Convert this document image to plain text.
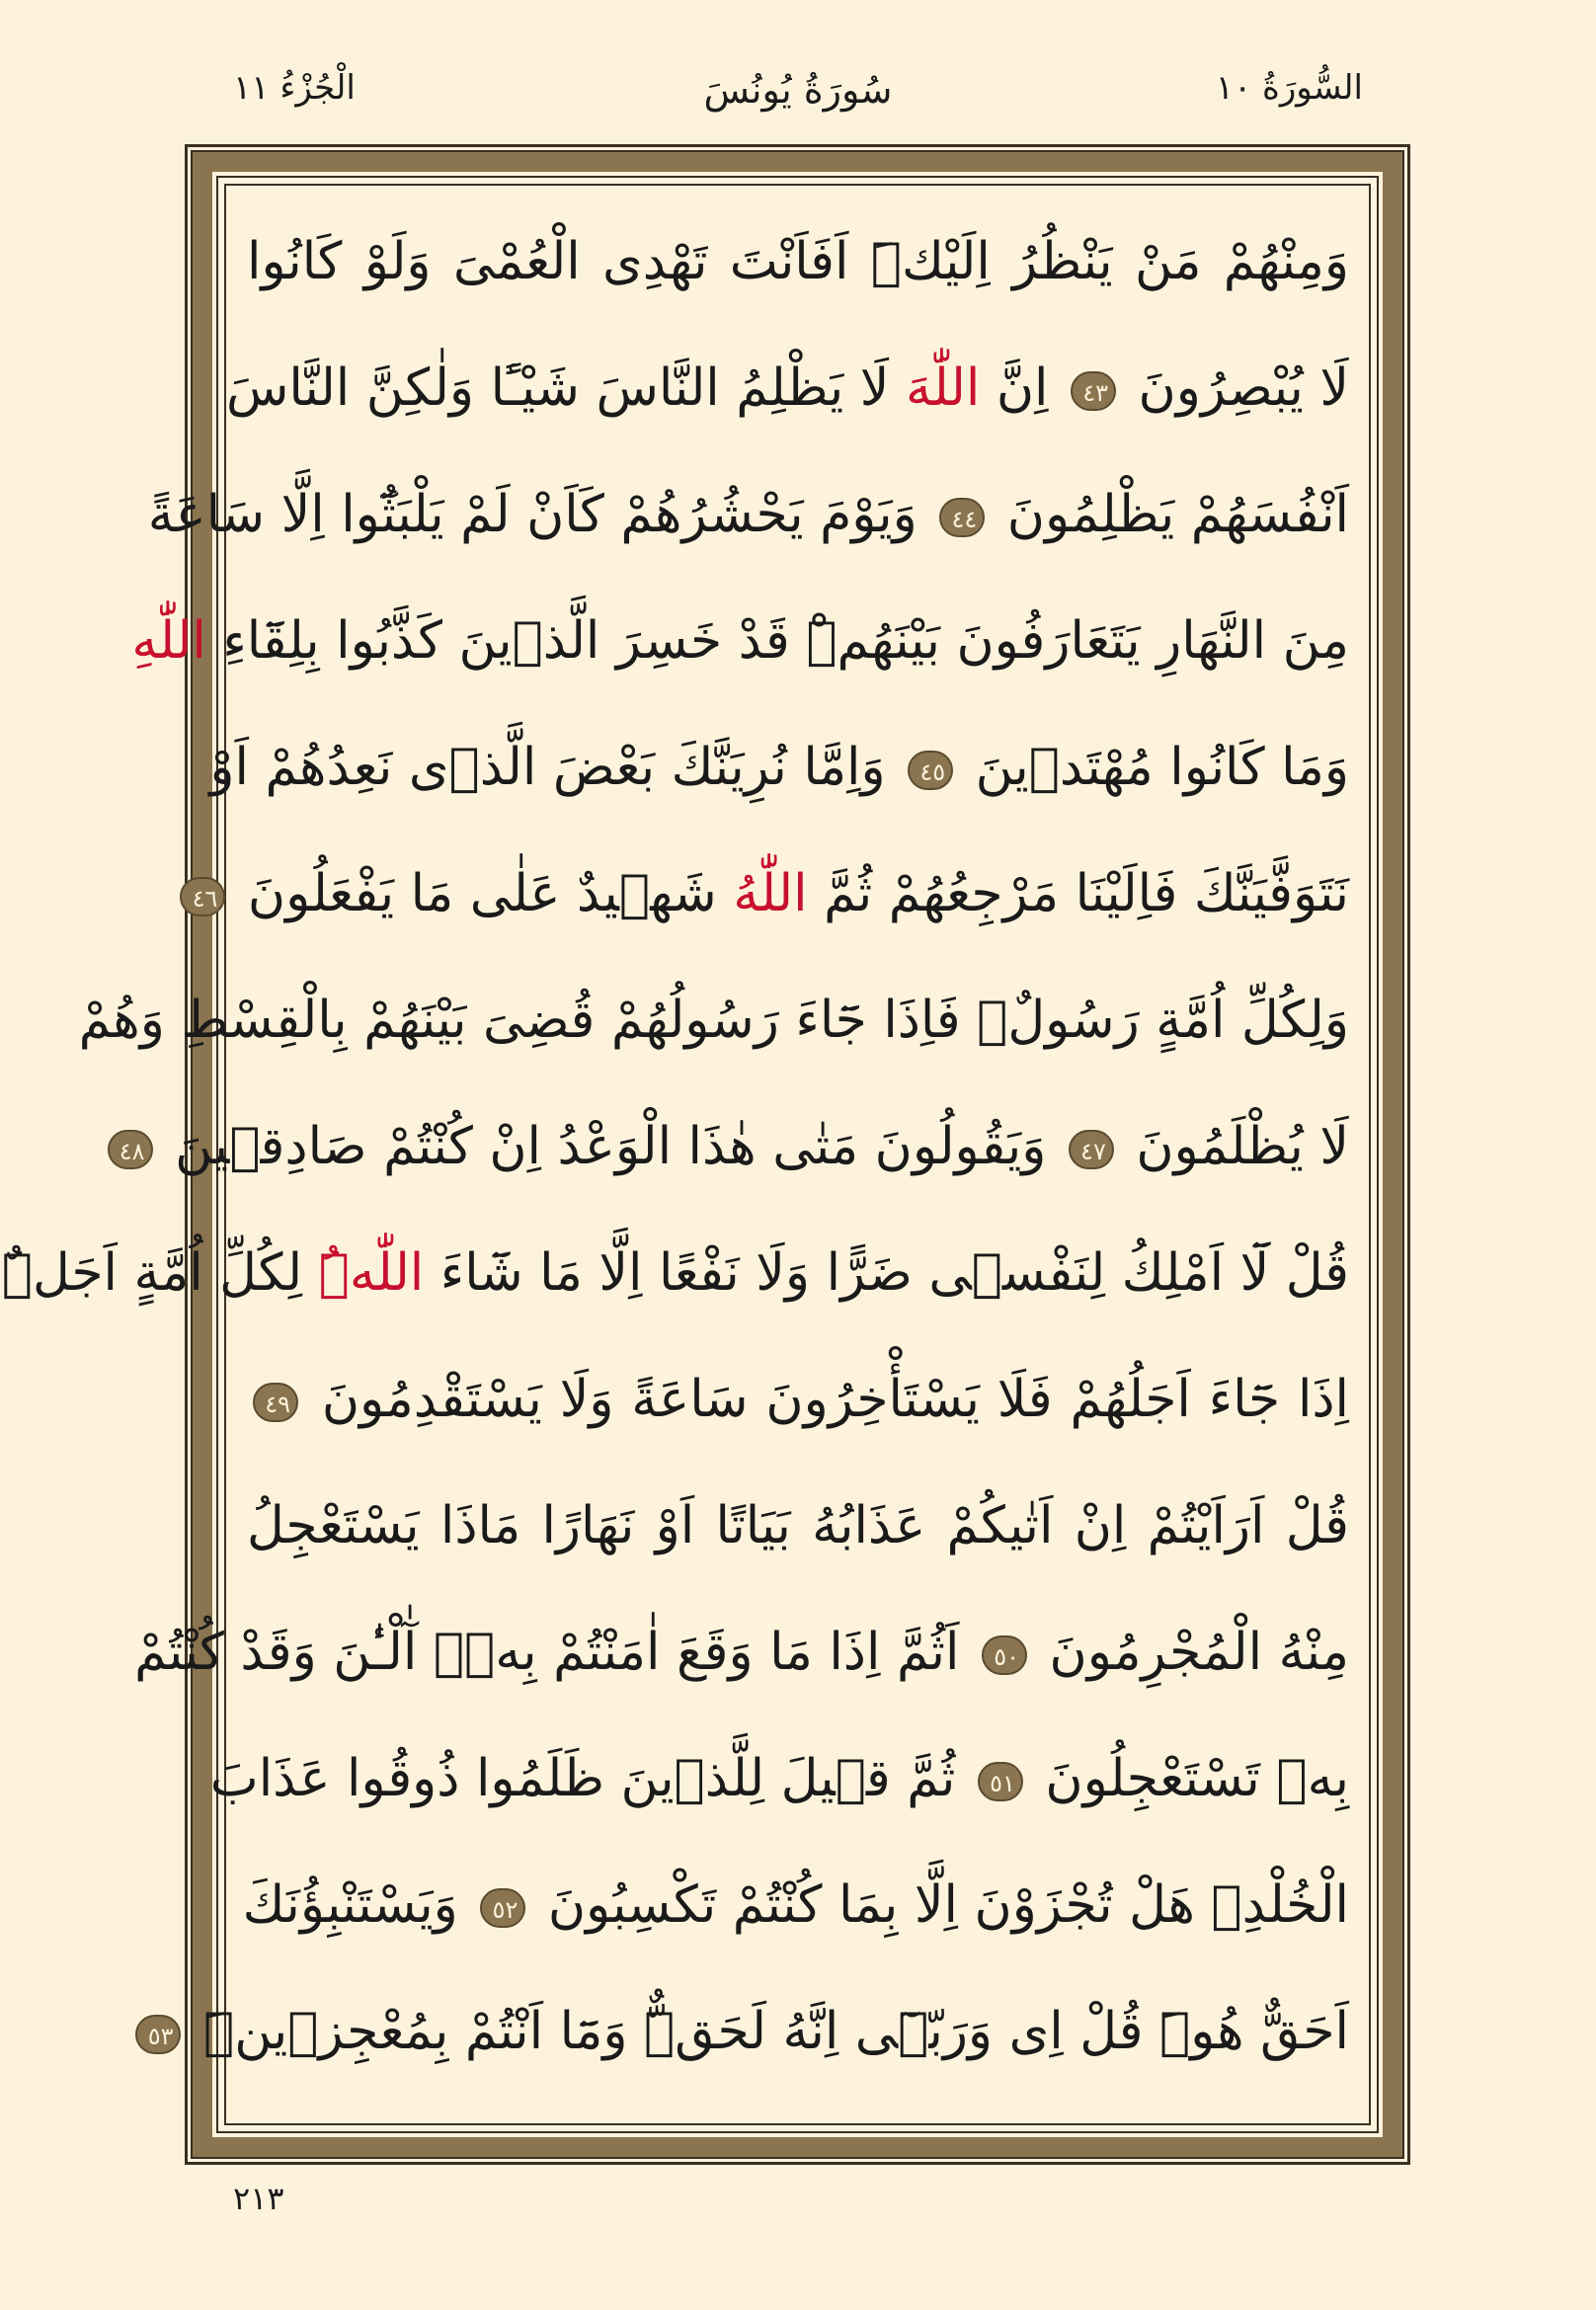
السُّورَةُ ١٠
سُورَةُ يُونُسَ
الْجُزْءُ ١١
وَمِنْهُمْ مَنْ يَنْظُرُ اِلَيْكَۜ اَفَاَنْتَ تَهْدِى الْعُمْىَ وَلَوْ كَانُوا
لَا يُبْصِرُونَ ٤٣ اِنَّ اللّٰهَ لَا يَظْلِمُ النَّاسَ شَيْـًٔا وَلٰكِنَّ النَّاسَ
اَنْفُسَهُمْ يَظْلِمُونَ ٤٤ وَيَوْمَ يَحْشُرُهُمْ كَاَنْ لَمْ يَلْبَثُٓوا اِلَّا سَاعَةً
مِنَ النَّهَارِ يَتَعَارَفُونَ بَيْنَهُمْۜ قَدْ خَسِرَ الَّذ۪ينَ كَذَّبُوا بِلِقَٓاءِ اللّٰهِ
وَمَا كَانُوا مُهْتَد۪ينَ ٤٥ وَاِمَّا نُرِيَنَّكَ بَعْضَ الَّذ۪ى نَعِدُهُمْ اَوْ
نَتَوَفَّيَنَّكَ فَاِلَيْنَا مَرْجِعُهُمْ ثُمَّ اللّٰهُ شَه۪يدٌ عَلٰى مَا يَفْعَلُونَ ٤٦
وَلِكُلِّ اُمَّةٍ رَسُولٌۚ فَاِذَا جَٓاءَ رَسُولُهُمْ قُضِىَ بَيْنَهُمْ بِالْقِسْطِ وَهُمْ
لَا يُظْلَمُونَ ٤٧ وَيَقُولُونَ مَتٰى هٰذَا الْوَعْدُ اِنْ كُنْتُمْ صَادِق۪ينَ ٤٨
قُلْ لَٓا اَمْلِكُ لِنَفْس۪ى ضَرًّا وَلَا نَفْعًا اِلَّا مَا شَٓاءَ اللّٰهُۜ لِكُلِّ اُمَّةٍ اَجَلٌۜ
اِذَا جَٓاءَ اَجَلُهُمْ فَلَا يَسْتَأْخِرُونَ سَاعَةً وَلَا يَسْتَقْدِمُونَ ٤٩
قُلْ اَرَاَيْتُمْ اِنْ اَتٰيكُمْ عَذَابُهُ بَيَاتًا اَوْ نَهَارًا مَاذَا يَسْتَعْجِلُ
مِنْهُ الْمُجْرِمُونَ ٥٠ اَثُمَّ اِذَا مَا وَقَعَ اٰمَنْتُمْ بِه۪ۜ آٰلْـٰٔنَ وَقَدْ كُنْتُمْ
بِه۪ تَسْتَعْجِلُونَ ٥١ ثُمَّ ق۪يلَ لِلَّذ۪ينَ ظَلَمُوا ذُوقُوا عَذَابَ
الْخُلْدِۚ هَلْ تُجْزَوْنَ اِلَّا بِمَا كُنْتُمْ تَكْسِبُونَ ٥٢ وَيَسْتَنْبِؤُنَكَ
اَحَقٌّ هُوَۜ قُلْ اِى وَرَبّ۪ٓى اِنَّهُ لَحَقٌّۜ وَمَٓا اَنْتُمْ بِمُعْجِز۪ينَۜ ٥٣
٢١٣
